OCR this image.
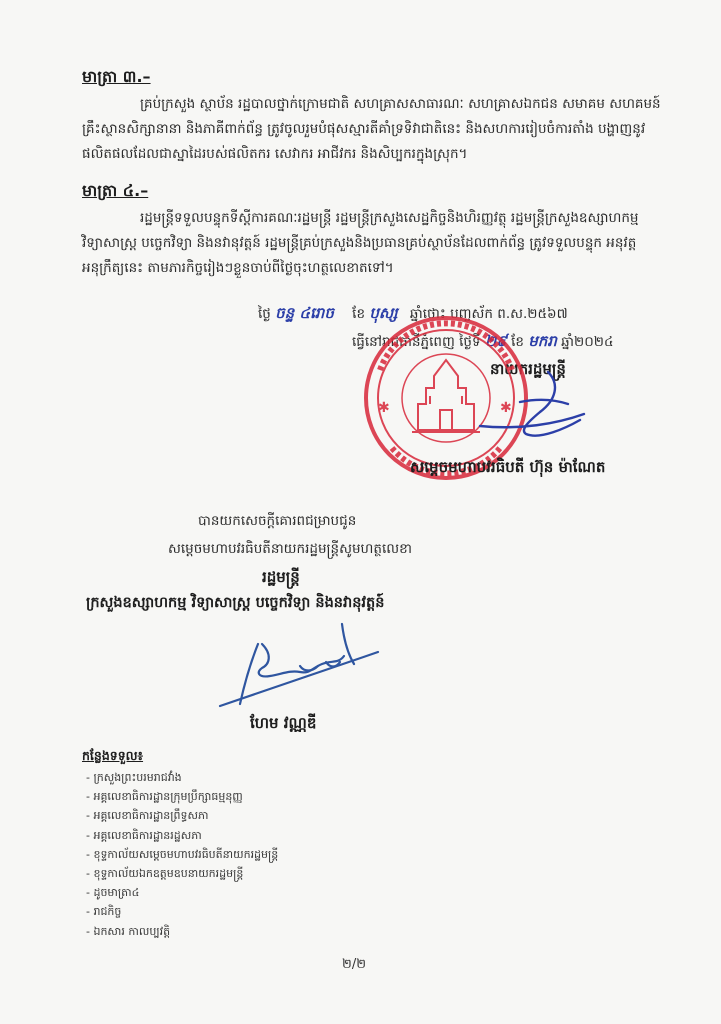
មាត្រា ៣.–
គ្រប់ក្រសួង ស្ថាប័ន រដ្ឋបាលថ្នាក់ក្រោមជាតិ សហគ្រាសសាធារណៈ សហគ្រាសឯកជន សមាគម សហគមន៍ គ្រឹះស្ថានសិក្សានានា និងភាគីពាក់ព័ន្ធ ត្រូវចូលរួមបំផុសស្មារតីគាំទ្រទិវាជាតិនេះ និងសហការរៀបចំការតាំង បង្ហាញនូវផលិតផលដែលជាស្នាដៃរបស់ផលិតករ សេវាករ អាជីវករ និងសិប្បករក្នុងស្រុក។
មាត្រា ៤.–
រដ្ឋមន្ត្រីទទួលបន្ទុកទីស្ដីការគណៈរដ្ឋមន្ត្រី រដ្ឋមន្ត្រីក្រសួងសេដ្ឋកិច្ចនិងហិរញ្ញវត្ថុ រដ្ឋមន្ត្រីក្រសួងឧស្សាហកម្ម វិទ្យាសាស្ត្រ បច្ចេកវិទ្យា និងនវានុវត្តន៍ រដ្ឋមន្ត្រីគ្រប់ក្រសួងនិងប្រធានគ្រប់ស្ថាប័នដែលពាក់ព័ន្ធ ត្រូវទទួលបន្ទុក អនុវត្តអនុក្រឹត្យនេះ តាមភារកិច្ចរៀងៗខ្លួនចាប់ពីថ្ងៃចុះហត្ថលេខាតទៅ។
ថ្ងៃ ចន្ទ ៤រោច ខែ បុស្ស ឆ្នាំថោះ បញ្ចស័ក ព.ស.២៥៦៧
ធ្វើនៅរាជធានីភ្នំពេញ ថ្ងៃទី ២៩ ខែ មករា ឆ្នាំ២០២៤
នាយករដ្ឋមន្ត្រី
✱	✱
សម្តេចមហាបវរធិបតី ហ៊ុន ម៉ាណែត
បានយកសេចក្តីគោរពជម្រាបជូន
សម្តេចមហាបវរធិបតីនាយករដ្ឋមន្ត្រីសូមហត្ថលេខា
រដ្ឋមន្ត្រី
ក្រសួងឧស្សាហកម្ម វិទ្យាសាស្ត្រ បច្ចេកវិទ្យា និងនវានុវត្តន៍
ហែម វណ្ណឌី
កន្លែងទទួល៖
- ក្រសួងព្រះបរមរាជវាំង
- អគ្គលេខាធិការដ្ឋានក្រុមប្រឹក្សាធម្មនុញ្ញ
- អគ្គលេខាធិការដ្ឋានព្រឹទ្ធសភា
- អគ្គលេខាធិការដ្ឋានរដ្ឋសភា
- ខុទ្ទកាល័យសម្តេចមហាបវរធិបតីនាយករដ្ឋមន្ត្រី
- ខុទ្ទកាល័យឯកឧត្តមឧបនាយករដ្ឋមន្ត្រី
- ដូចមាត្រា៤
- រាជកិច្ច
- ឯកសារ កាលប្បវត្តិ
២/២
